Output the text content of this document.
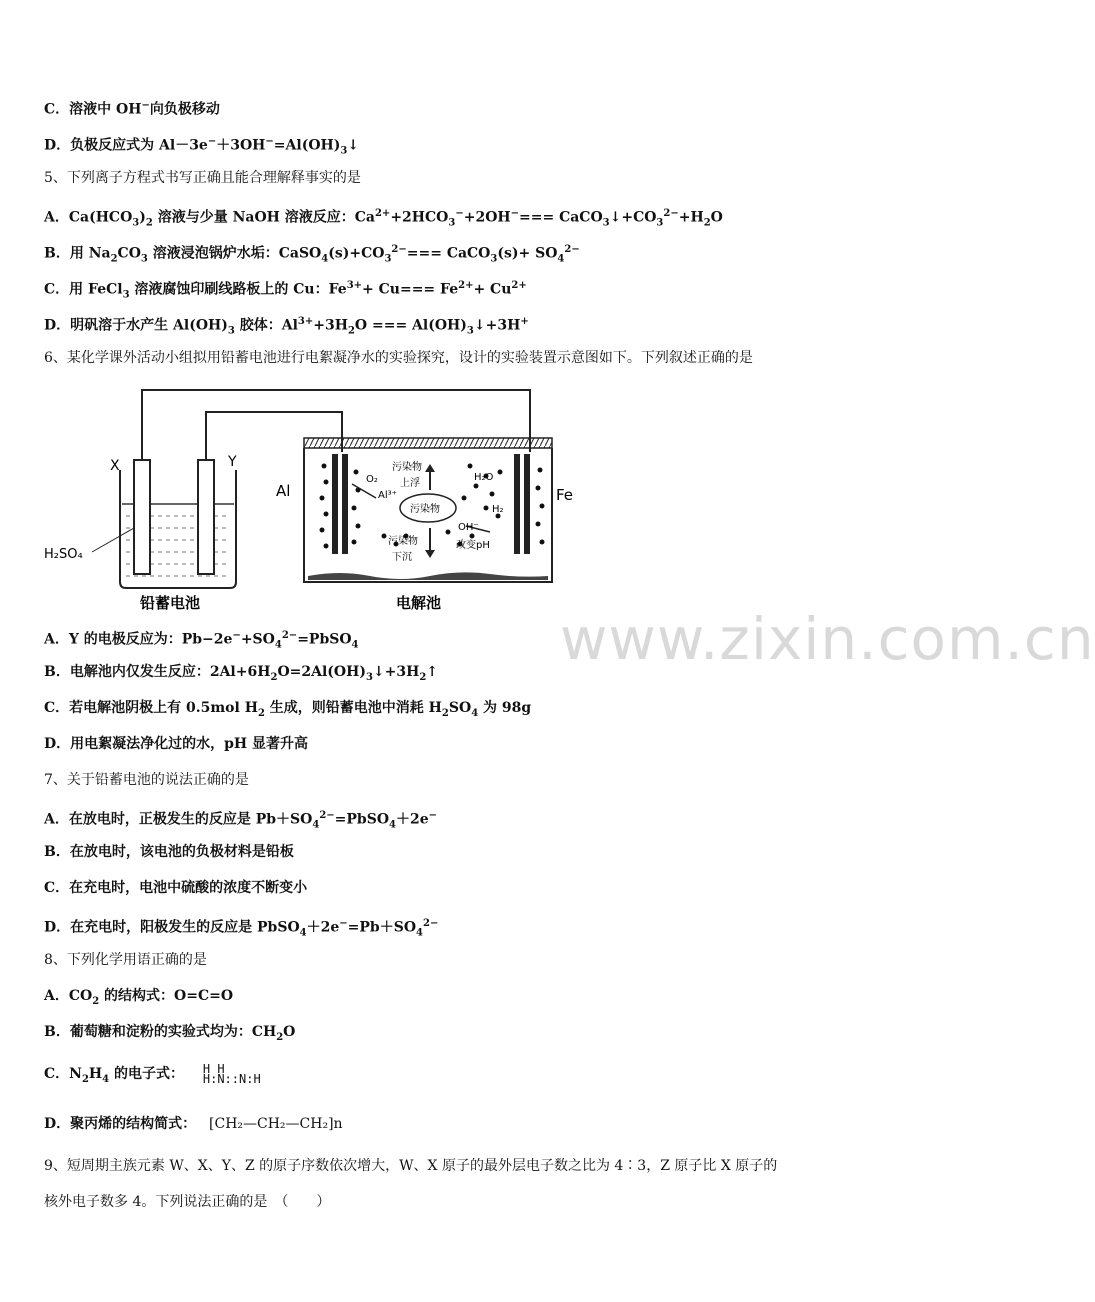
C．溶液中 OH−向负极移动
D．负极反应式为 $Al-3e^-+3OH^-=Al(OH)_3↓$
5、下列离子方程式书写正确且能合理解释事实的是
A．$Ca(HCO_3)_2$ 溶液与少量 NaOH 溶液反应：$Ca^{2+}+2HCO_3^-+2OH^-===$ $CaCO_3↓+CO_3^{2-}+H_2O$
B．用 $Na_2CO_3$ 溶液浸泡锅炉水垢：$CaSO_4(s)+CO_3^{2-}===$ CaCO$_3$(s)+ $SO_4^{2-}$
C．用 FeCl$_3$ 溶液腐蚀印刷线路板上的 Cu：$Fe^{3+}+ Cu=== Fe^{2+}+ Cu^{2+}$
D．明矾溶于水产生 $Al(OH)_3$ 胶体：$Al^{3+}+3H_2O$ === $Al(OH)_3↓+3H^+$
6、某化学课外活动小组拟用铅蓄电池进行电絮凝净水的实验探究，设计的实验装置示意图如下。下列叙述正确的是
X	Y
H₂SO₄
铅蓄电池
污染物
O₂
Al³⁺
污染物
上浮
污染物
下沉
H₂O
H₂
OH⁻
改变pH
Al	Fe
电解池
www.zixin.com.cn
A．Y 的电极反应为：$Pb-2e^-+SO_4^{2-}=PbSO_4$
B．电解池内仅发生反应：$2Al+6H_2O=2Al(OH)_3↓+3H_2↑$
C．若电解池阴极上有 0.5mol $H_2$ 生成，则铅蓄电池中消耗 $H_2SO_4$ 为 98g
D．用电絮凝法净化过的水，pH 显著升高
7、关于铅蓄电池的说法正确的是
A．在放电时，正极发生的反应是 $Pb+SO_4^{2-}=PbSO_4+2e^-$
B．在放电时，该电池的负极材料是铅板
C．在充电时，电池中硫酸的浓度不断变小
D．在充电时，阳极发生的反应是 $PbSO_4+2e^-=Pb+SO_4^{2-}$
8、下列化学用语正确的是
A．$CO_2$ 的结构式：O=C=O
B．葡萄糖和淀粉的实验式均为：$CH_2O$
C．$N_2H_4$ 的电子式： H H
H:N::N:H
D．聚丙烯的结构简式： [CH₂—CH₂—CH₂]n
9、短周期主族元素 W、X、Y、Z 的原子序数依次增大，W、X 原子的最外层电子数之比为 4∶3，Z 原子比 X 原子的
核外电子数多 4。下列说法正确的是　（　　）
